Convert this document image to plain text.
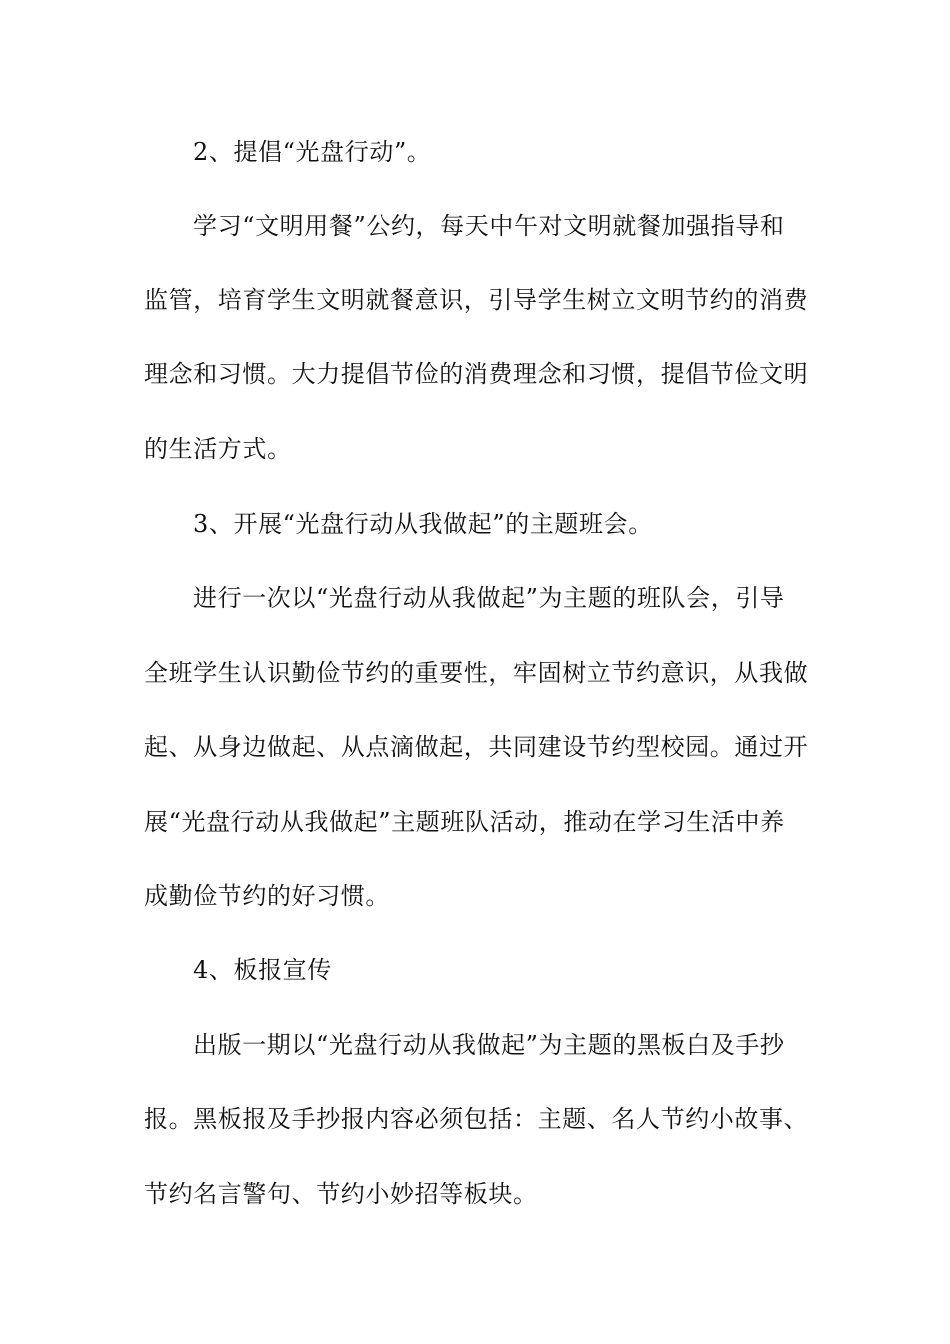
2、提倡“光盘行动”。
学习“文明用餐”公约，每天中午对文明就餐加强指导和
监管，培育学生文明就餐意识，引导学生树立文明节约的消费
理念和习惯。大力提倡节俭的消费理念和习惯，提倡节俭文明
的生活方式。
3、开展“光盘行动从我做起”的主题班会。
进行一次以“光盘行动从我做起”为主题的班队会，引导
全班学生认识勤俭节约的重要性，牢固树立节约意识，从我做
起、从身边做起、从点滴做起，共同建设节约型校园。通过开
展“光盘行动从我做起”主题班队活动，推动在学习生活中养
成勤俭节约的好习惯。
4、板报宣传
出版一期以“光盘行动从我做起”为主题的黑板白及手抄
报。黑板报及手抄报内容必须包括：主题、名人节约小故事、
节约名言警句、节约小妙招等板块。
